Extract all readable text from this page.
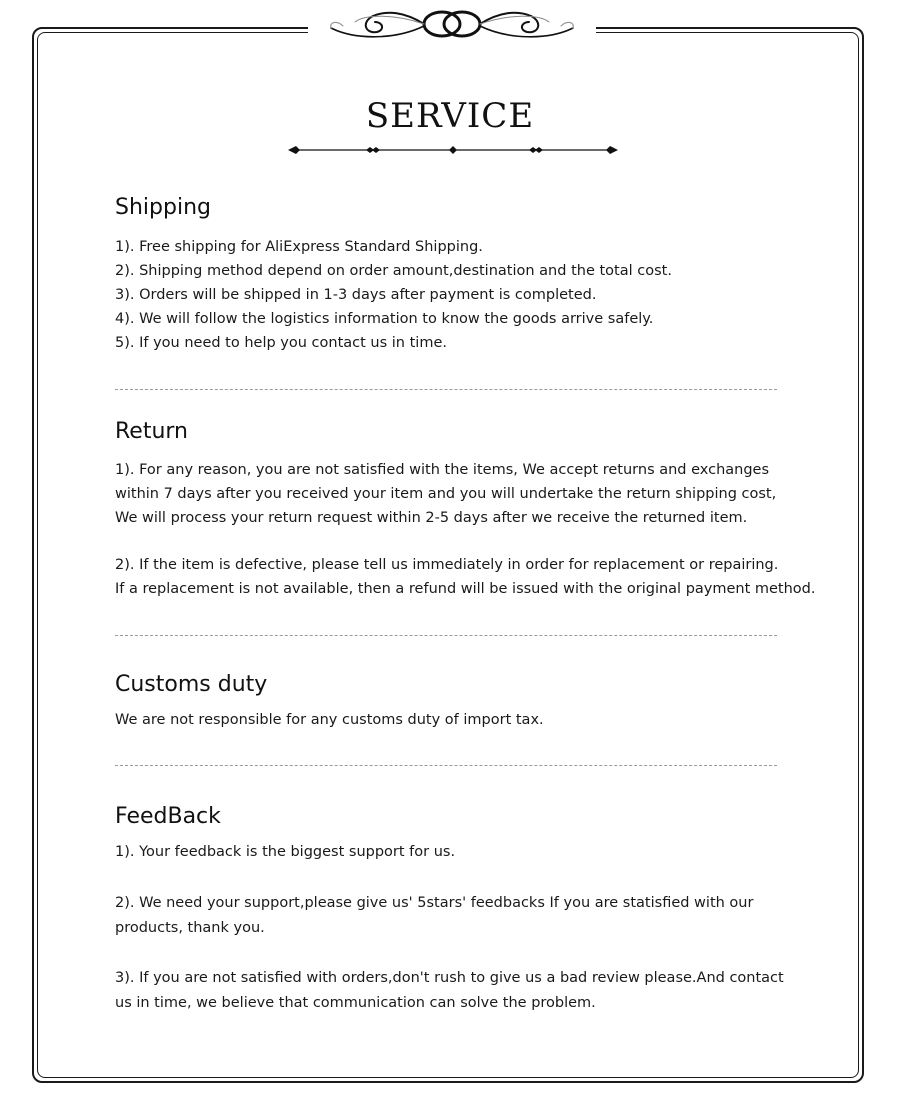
SERVICE
Shipping
1). Free shipping for AliExpress Standard Shipping.
2). Shipping method depend on order amount,destination and the total cost.
3). Orders will be shipped in 1-3 days after payment is completed.
4). We will follow the logistics information to know the goods arrive safely.
5). If you need to help you contact us in time.
Return
1). For any reason, you are not satisfied with the items, We accept returns and exchanges within 7 days after you received your item and you will undertake the return shipping cost, We will process your return request within 2-5 days after we receive the returned item.
2). If the item is defective, please tell us immediately in order for replacement or repairing.
If a replacement is not available, then a refund will be issued with the original payment method.
Customs duty
We are not responsible for any customs duty of import tax.
FeedBack
1). Your feedback is the biggest support for us.
2). We need your support,please give us' 5stars' feedbacks If you are statisfied with our products, thank you.
3). If you are not satisfied with orders,don't rush to give us a bad review please.And contact us in time, we believe that communication can solve the problem.
